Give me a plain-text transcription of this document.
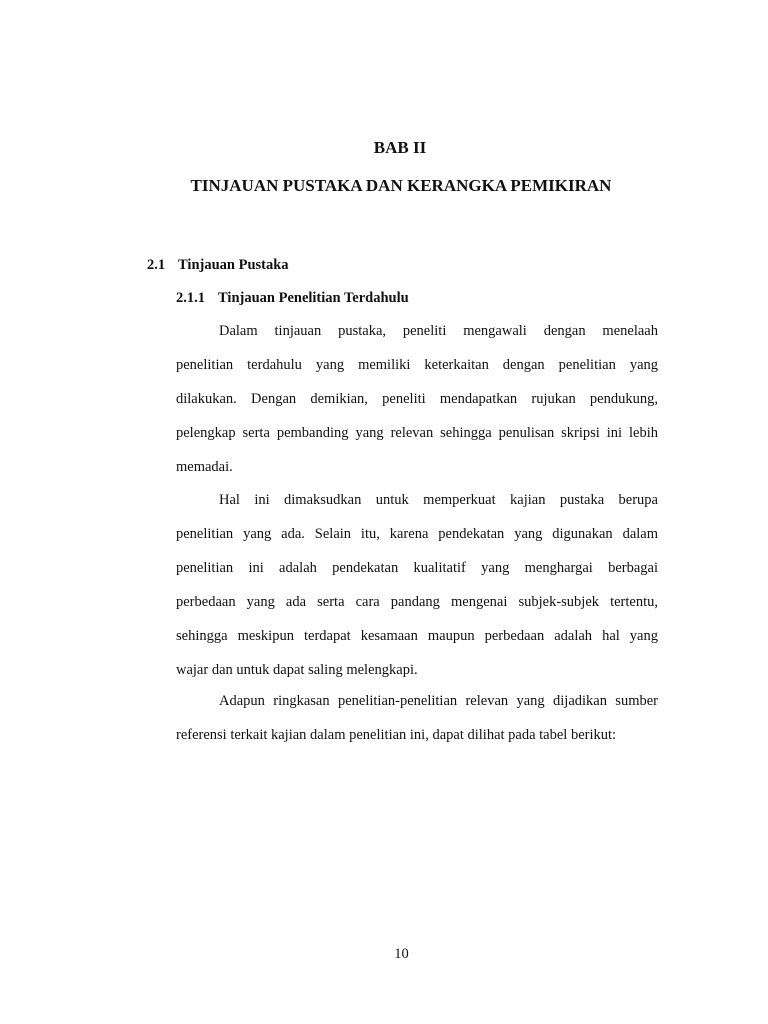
BAB II
TINJAUAN PUSTAKA DAN KERANGKA PEMIKIRAN
2.1 Tinjauan Pustaka
2.1.1 Tinjauan Penelitian Terdahulu
Dalam tinjauan pustaka, peneliti mengawali dengan menelaah
penelitian terdahulu yang memiliki keterkaitan dengan penelitian yang
dilakukan. Dengan demikian, peneliti mendapatkan rujukan pendukung,
pelengkap serta pembanding yang relevan sehingga penulisan skripsi ini lebih
memadai.
Hal ini dimaksudkan untuk memperkuat kajian pustaka berupa
penelitian yang ada. Selain itu, karena pendekatan yang digunakan dalam
penelitian ini adalah pendekatan kualitatif yang menghargai berbagai
perbedaan yang ada serta cara pandang mengenai subjek-subjek tertentu,
sehingga meskipun terdapat kesamaan maupun perbedaan adalah hal yang
wajar dan untuk dapat saling melengkapi.
Adapun ringkasan penelitian-penelitian relevan yang dijadikan sumber
referensi terkait kajian dalam penelitian ini, dapat dilihat pada tabel berikut:
10
